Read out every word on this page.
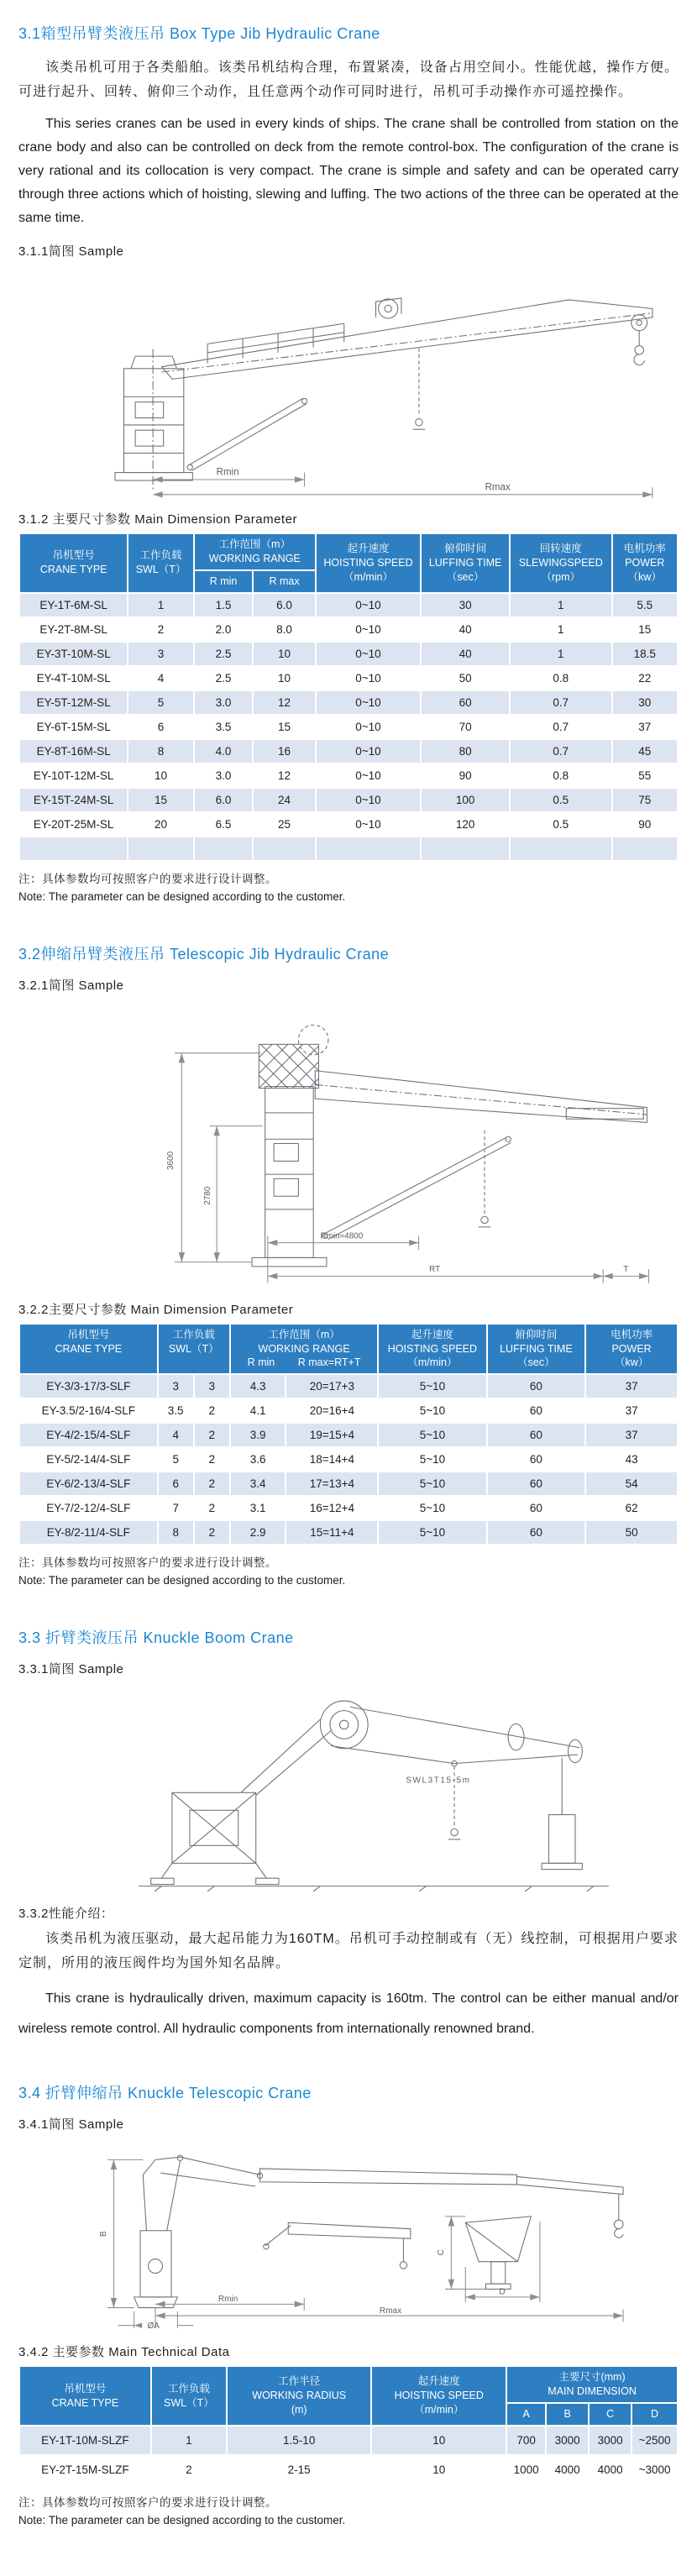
3.1箱型吊臂类液压吊 Box Type Jib Hydraulic Crane

该类吊机可用于各类船舶。该类吊机结构合理，布置紧凑，设备占用空间小。性能优越，操作方便。可进行起升、回转、俯仰三个动作，且任意两个动作可同时进行，吊机可手动操作亦可遥控操作。

This series cranes can be used in every kinds of ships. The crane shall be controlled from station on the crane body and also can be controlled on deck from the remote control-box. The configuration of the crane is very rational and its collocation is very compact. The crane is simple and safety and can be operated carry through three actions which of hoisting, slewing and luffing. The two actions of the three can be operated at the same time.

3.1.1简图 Sample
Rmin
Rmax
3.1.2 主要尺寸参数 Main Dimension Parameter
吊机型号
CRANE TYPE

工作负载
SWL（T）

工作范围（m）
WORKING RANGE

起升速度
HOISTING SPEED
（m/min）

俯仰时间
LUFFING TIME
（sec）

回转速度
SLEWINGSPEED
（rpm）

电机功率
POWER
（kw）

		R min	R max				
EY-1T-6M-SL	1	1.5	6.0	0~10	30	1	5.5
EY-2T-8M-SL	2	2.0	8.0	0~10	40	1	15
EY-3T-10M-SL	3	2.5	10	0~10	40	1	18.5
EY-4T-10M-SL	4	2.5	10	0~10	50	0.8	22
EY-5T-12M-SL	5	3.0	12	0~10	60	0.7	30
EY-6T-15M-SL	6	3.5	15	0~10	70	0.7	37
EY-8T-16M-SL	8	4.0	16	0~10	80	0.7	45
EY-10T-12M-SL	10	3.0	12	0~10	90	0.8	55
EY-15T-24M-SL	15	6.0	24	0~10	100	0.5	75
EY-20T-25M-SL	20	6.5	25	0~10	120	0.5	90

注：具体参数均可按照客户的要求进行设计调整。
Note: The parameter can be designed according to the customer.

3.2伸缩吊臂类液压吊 Telescopic Jib Hydraulic Crane
3.2.1简图 Sample
3600
2780
Rmin≈4800
RT	T
3.2.2主要尺寸参数 Main Dimension Parameter
吊机型号
CRANE TYPE

工作负载
SWL（T）

工作范围（m）
WORKING RANGE
R min R max=RT+T

起升速度
HOISTING SPEED
（m/min）

俯仰时间
LUFFING TIME
（sec）

电机功率
POWER
（kw）

EY-3/3-17/3-SLF	3	3	4.3	20=17+3	5~10	60	37
EY-3.5/2-16/4-SLF	3.5	2	4.1	20=16+4	5~10	60	37
EY-4/2-15/4-SLF	4	2	3.9	19=15+4	5~10	60	37
EY-5/2-14/4-SLF	5	2	3.6	18=14+4	5~10	60	43
EY-6/2-13/4-SLF	6	2	3.4	17=13+4	5~10	60	54
EY-7/2-12/4-SLF	7	2	3.1	16=12+4	5~10	60	62
EY-8/2-11/4-SLF	8	2	2.9	15=11+4	5~10	60	50

注：具体参数均可按照客户的要求进行设计调整。
Note: The parameter can be designed according to the customer.

3.3 折臂类液压吊 Knuckle Boom Crane
3.3.1简图 Sample
SWL3T15-5m
3.3.2性能介绍：

该类吊机为液压驱动，最大起吊能力为160TM。吊机可手动控制或有（无）线控制，可根据用户要求定制，所用的液压阀件均为国外知名品牌。

This crane is hydraulically driven, maximum capacity is 160tm. The control can be either manual and/or wireless remote control. All hydraulic components from internationally renowned brand.

3.4 折臂伸缩吊 Knuckle Telescopic Crane
3.4.1简图 Sample
B
C
D
Rmin
Rmax
ØA
3.4.2 主要参数 Main Technical Data
吊机型号
CRANE TYPE

工作负载
SWL（T）

工作半径
WORKING RADIUS
(m)

起升速度
HOISTING SPEED
（m/min）

主要尺寸(mm)
MAIN DIMENSION

				A	B	C	D
EY-1T-10M-SLZF	1	1.5-10	10	700	3000	3000	~2500
EY-2T-15M-SLZF	2	2-15	10	1000	4000	4000	~3000

注：具体参数均可按照客户的要求进行设计调整。
Note: The parameter can be designed according to the customer.
